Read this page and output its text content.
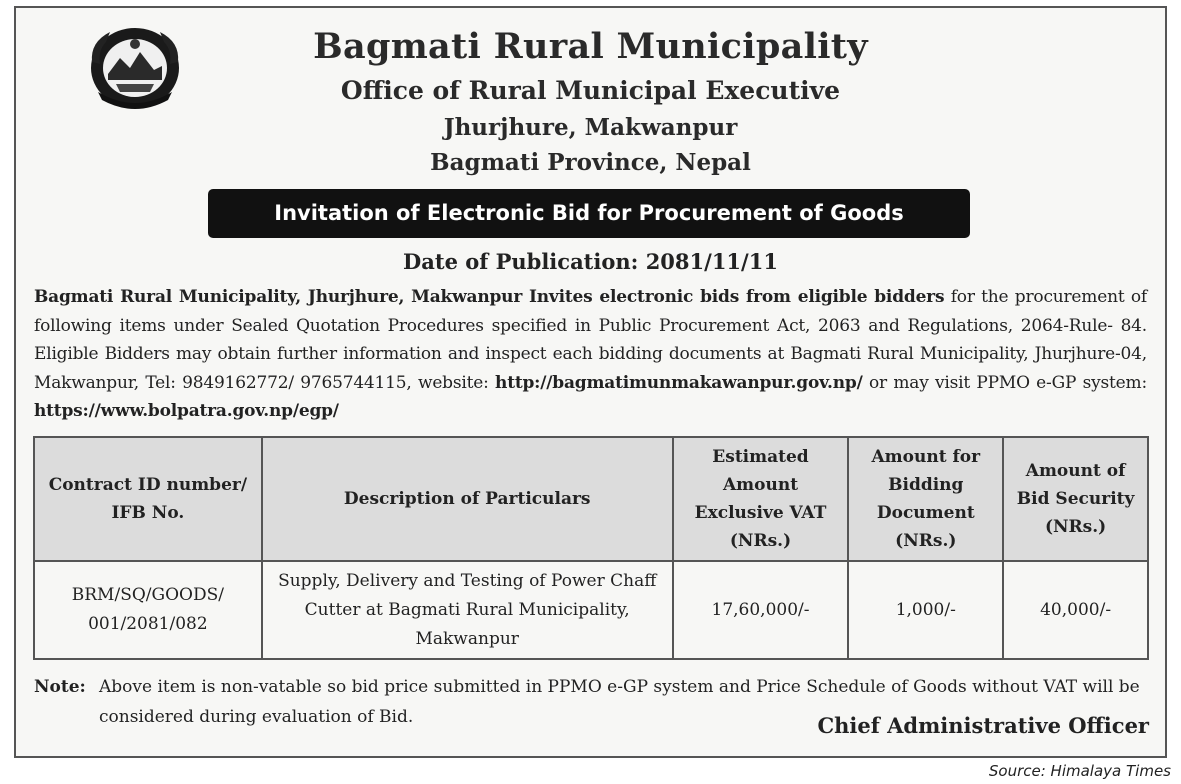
Bagmati Rural Municipality
Office of Rural Municipal Executive
Jhurjhure, Makwanpur
Bagmati Province, Nepal
Invitation of Electronic Bid for Procurement of Goods
Date of Publication: 2081/11/11
Bagmati Rural Municipality, Jhurjhure, Makwanpur Invites electronic bids from eligible bidders for the procurement of following items under Sealed Quotation Procedures specified in Public Procurement Act, 2063 and Regulations, 2064-Rule- 84. Eligible Bidders may obtain further information and inspect each bidding documents at Bagmati Rural Municipality, Jhurjhure-04, Makwanpur, Tel: 9849162772/ 9765744115, website: http://bagmatimunmakawanpur.gov.np/ or may visit PPMO e-GP system: https://www.bolpatra.gov.np/egp/
Contract ID number/ IFB No.	Description of Particulars	Estimated Amount Exclusive VAT (NRs.)	Amount for Bidding Document (NRs.)	Amount of Bid Security (NRs.)
BRM/SQ/GOODS/ 001/2081/082	Supply, Delivery and Testing of Power Chaff Cutter at Bagmati Rural Municipality, Makwanpur	17,60,000/-	1,000/-	40,000/-
Note: Above item is non-vatable so bid price submitted in PPMO e-GP system and Price Schedule of Goods without VAT will be considered during evaluation of Bid.	Chief Administrative Officer
Source: Himalaya Times
